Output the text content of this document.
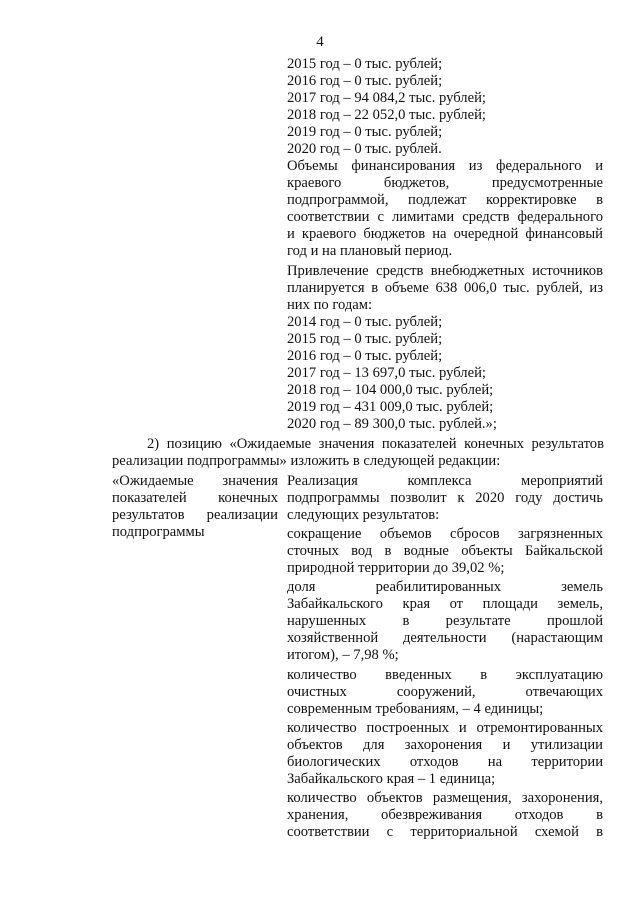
4
2015 год – 0 тыс. рублей;
2016 год – 0 тыс. рублей;
2017 год – 94 084,2 тыс. рублей;
2018 год – 22 052,0 тыс. рублей;
2019 год – 0 тыс. рублей;
2020 год – 0 тыс. рублей.
Объемы финансирования из федерального и
краевого бюджетов, предусмотренные
подпрограммой, подлежат корректировке в
соответствии с лимитами средств федерального
и краевого бюджетов на очередной финансовый
год и на плановый период.
Привлечение средств внебюджетных источников
планируется в объеме 638 006,0 тыс. рублей, из
них по годам:
2014 год – 0 тыс. рублей;
2015 год – 0 тыс. рублей;
2016 год – 0 тыс. рублей;
2017 год – 13 697,0 тыс. рублей;
2018 год – 104 000,0 тыс. рублей;
2019 год – 431 009,0 тыс. рублей;
2020 год – 89 300,0 тыс. рублей.»;
2) позицию «Ожидаемые значения показателей конечных результатов
реализации подпрограммы» изложить в следующей редакции:
«Ожидаемые значения
показателей конечных
результатов реализации
подпрограммы
Реализация комплекса мероприятий
подпрограммы позволит к 2020 году достичь
следующих результатов:
сокращение объемов сбросов загрязненных
сточных вод в водные объекты Байкальской
природной территории до 39,02 %;
доля реабилитированных земель
Забайкальского края от площади земель,
нарушенных в результате прошлой
хозяйственной деятельности (нарастающим
итогом), – 7,98 %;
количество введенных в эксплуатацию
очистных сооружений, отвечающих
современным требованиям, – 4 единицы;
количество построенных и отремонтированных
объектов для захоронения и утилизации
биологических отходов на территории
Забайкальского края – 1 единица;
количество объектов размещения, захоронения,
хранения, обезвреживания отходов в
соответствии с территориальной схемой в
